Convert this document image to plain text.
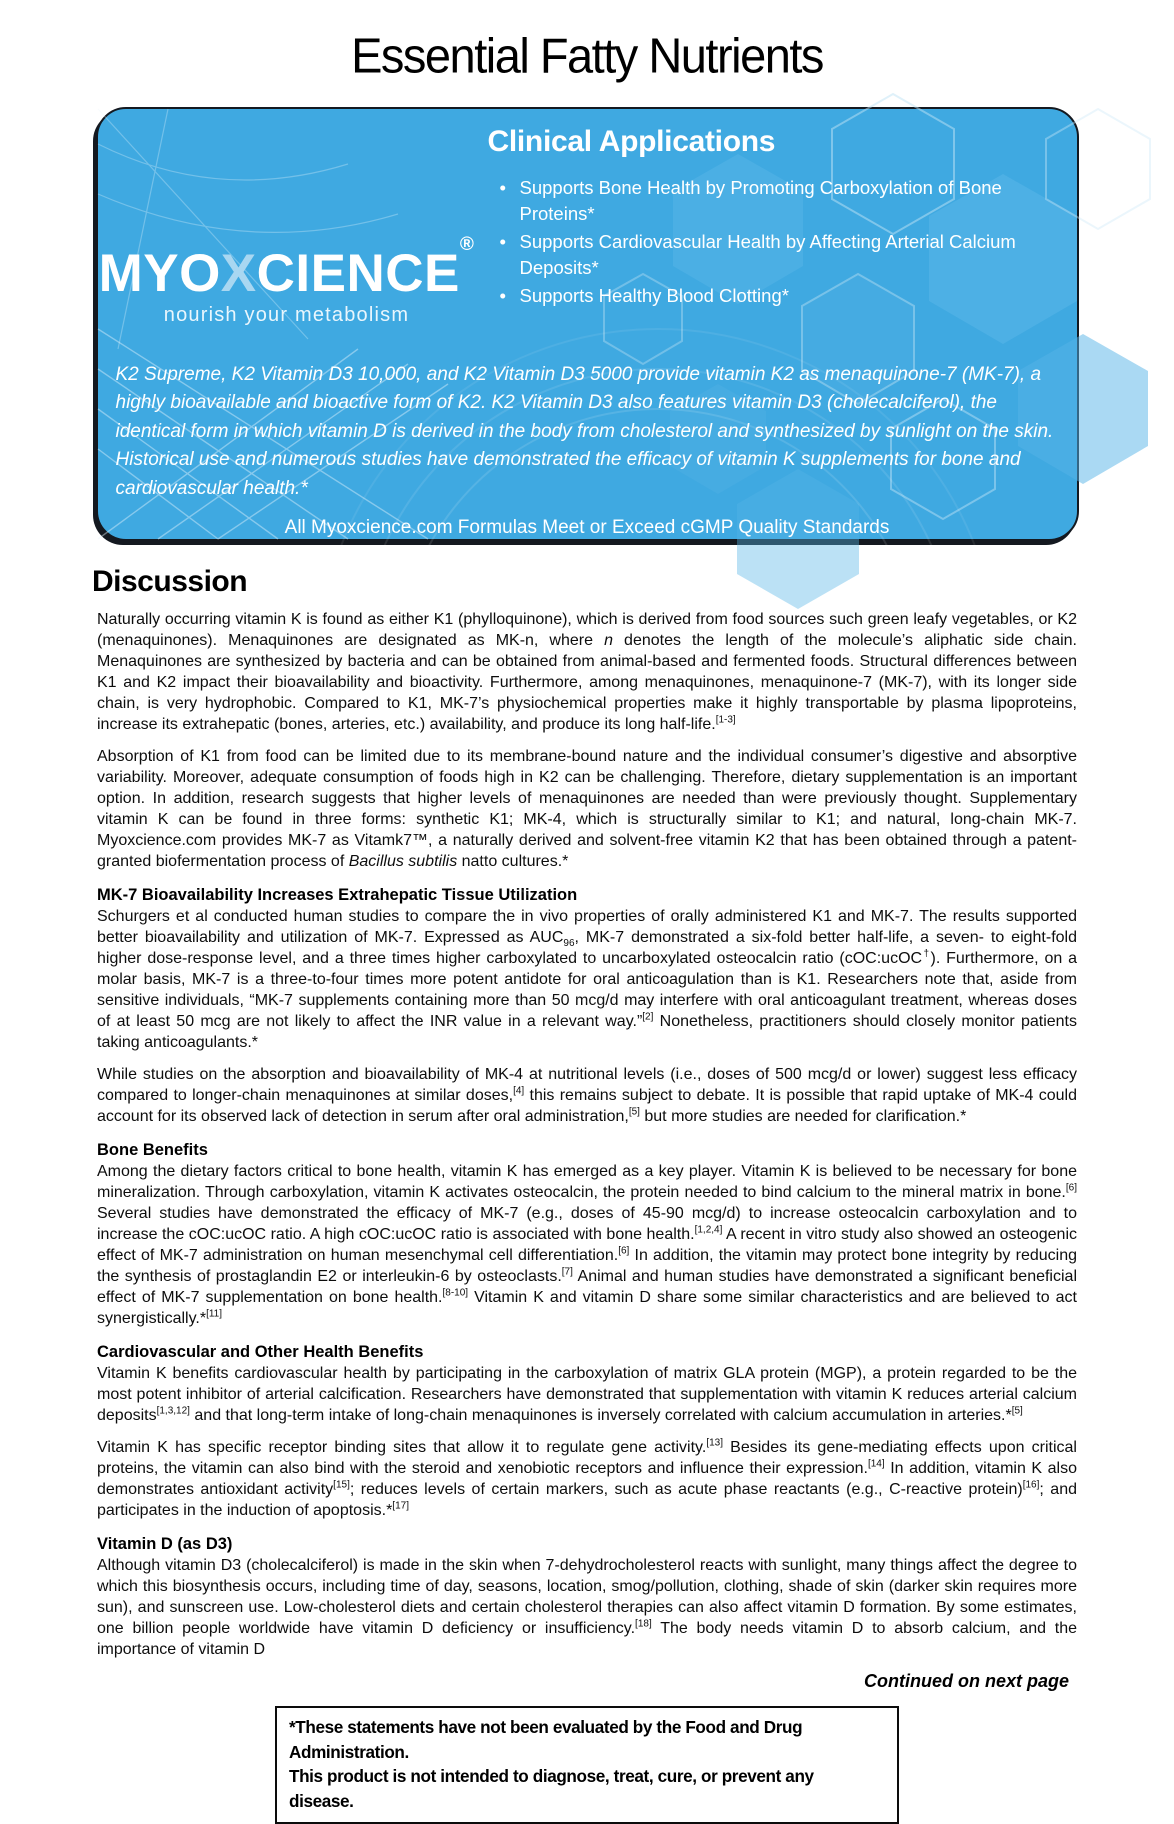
Essential Fatty Nutrients
MYOXCIENCE®
nourish your metabolism
Clinical Applications
• Supports Bone Health by Promoting Carboxylation of Bone Proteins*
• Supports Cardiovascular Health by Affecting Arterial Calcium Deposits*
• Supports Healthy Blood Clotting*

K2 Supreme, K2 Vitamin D3 10,000, and K2 Vitamin D3 5000 provide vitamin K2 as menaquinone-7 (MK-7), a highly bioavailable and bioactive form of K2. K2 Vitamin D3 also features vitamin D3 (cholecalciferol), the identical form in which vitamin D is derived in the body from cholesterol and synthesized by sunlight on the skin. Historical use and numerous studies have demonstrated the efficacy of vitamin K supplements for bone and cardiovascular health.*

All Myoxcience.com Formulas Meet or Exceed cGMP Quality Standards

Discussion

Naturally occurring vitamin K is found as either K1 (phylloquinone), which is derived from food sources such green leafy vegetables, or K2 (menaquinones). Menaquinones are designated as MK-n, where n denotes the length of the molecule’s aliphatic side chain. Menaquinones are synthesized by bacteria and can be obtained from animal-based and fermented foods. Structural differences between K1 and K2 impact their bioavailability and bioactivity. Furthermore, among menaquinones, menaquinone-7 (MK-7), with its longer side chain, is very hydrophobic. Compared to K1, MK-7’s physiochemical properties make it highly transportable by plasma lipoproteins, increase its extrahepatic (bones, arteries, etc.) availability, and produce its long half-life.[1-3]

Absorption of K1 from food can be limited due to its membrane-bound nature and the individual consumer’s digestive and absorptive variability. Moreover, adequate consumption of foods high in K2 can be challenging. Therefore, dietary supplementation is an important option. In addition, research suggests that higher levels of menaquinones are needed than were previously thought. Supplementary vitamin K can be found in three forms: synthetic K1; MK-4, which is structurally similar to K1; and natural, long-chain MK-7. Myoxcience.com provides MK-7 as Vitamk7™, a naturally derived and solvent-free vitamin K2 that has been obtained through a patent-granted biofermentation process of Bacillus subtilis natto cultures.*

MK-7 Bioavailability Increases Extrahepatic Tissue Utilization

Schurgers et al conducted human studies to compare the in vivo properties of orally administered K1 and MK-7. The results supported better bioavailability and utilization of MK-7. Expressed as $AUC_{96}$, MK-7 demonstrated a six-fold better half-life, a seven- to eight-fold higher dose-response level, and a three times higher carboxylated to uncarboxylated osteocalcin ratio (cOC:ucOC†). Furthermore, on a molar basis, MK-7 is a three-to-four times more potent antidote for oral anticoagulation than is K1. Researchers note that, aside from sensitive individuals, “MK-7 supplements containing more than 50 mcg/d may interfere with oral anticoagulant treatment, whereas doses of at least 50 mcg are not likely to affect the INR value in a relevant way.”[2] Nonetheless, practitioners should closely monitor patients taking anticoagulants.*

While studies on the absorption and bioavailability of MK-4 at nutritional levels (i.e., doses of 500 mcg/d or lower) suggest less efficacy compared to longer-chain menaquinones at similar doses,[4] this remains subject to debate. It is possible that rapid uptake of MK-4 could account for its observed lack of detection in serum after oral administration,[5] but more studies are needed for clarification.*

Bone Benefits

Among the dietary factors critical to bone health, vitamin K has emerged as a key player. Vitamin K is believed to be necessary for bone mineralization. Through carboxylation, vitamin K activates osteocalcin, the protein needed to bind calcium to the mineral matrix in bone.[6] Several studies have demonstrated the efficacy of MK-7 (e.g., doses of 45-90 mcg/d) to increase osteocalcin carboxylation and to increase the cOC:ucOC ratio. A high cOC:ucOC ratio is associated with bone health.[1,2,4] A recent in vitro study also showed an osteogenic effect of MK-7 administration on human mesenchymal cell differentiation.[6] In addition, the vitamin may protect bone integrity by reducing the synthesis of prostaglandin E2 or interleukin-6 by osteoclasts.[7] Animal and human studies have demonstrated a significant beneficial effect of MK-7 supplementation on bone health.[8-10] Vitamin K and vitamin D share some similar characteristics and are believed to act synergistically.*[11]

Cardiovascular and Other Health Benefits

Vitamin K benefits cardiovascular health by participating in the carboxylation of matrix GLA protein (MGP), a protein regarded to be the most potent inhibitor of arterial calcification. Researchers have demonstrated that supplementation with vitamin K reduces arterial calcium deposits[1,3,12] and that long-term intake of long-chain menaquinones is inversely correlated with calcium accumulation in arteries.*[5]

Vitamin K has specific receptor binding sites that allow it to regulate gene activity.[13] Besides its gene-mediating effects upon critical proteins, the vitamin can also bind with the steroid and xenobiotic receptors and influence their expression.[14] In addition, vitamin K also demonstrates antioxidant activity[15]; reduces levels of certain markers, such as acute phase reactants (e.g., C-reactive protein)[16]; and participates in the induction of apoptosis.*[17]

Vitamin D (as D3)

Although vitamin D3 (cholecalciferol) is made in the skin when 7-dehydrocholesterol reacts with sunlight, many things affect the degree to which this biosynthesis occurs, including time of day, seasons, location, smog/pollution, clothing, shade of skin (darker skin requires more sun), and sunscreen use. Low-cholesterol diets and certain cholesterol therapies can also affect vitamin D formation. By some estimates, one billion people worldwide have vitamin D deficiency or insufficiency.[18] The body needs vitamin D to absorb calcium, and the importance of vitamin D

Continued on next page
*These statements have not been evaluated by the Food and Drug Administration.
This product is not intended to diagnose, treat, cure, or prevent any disease.
